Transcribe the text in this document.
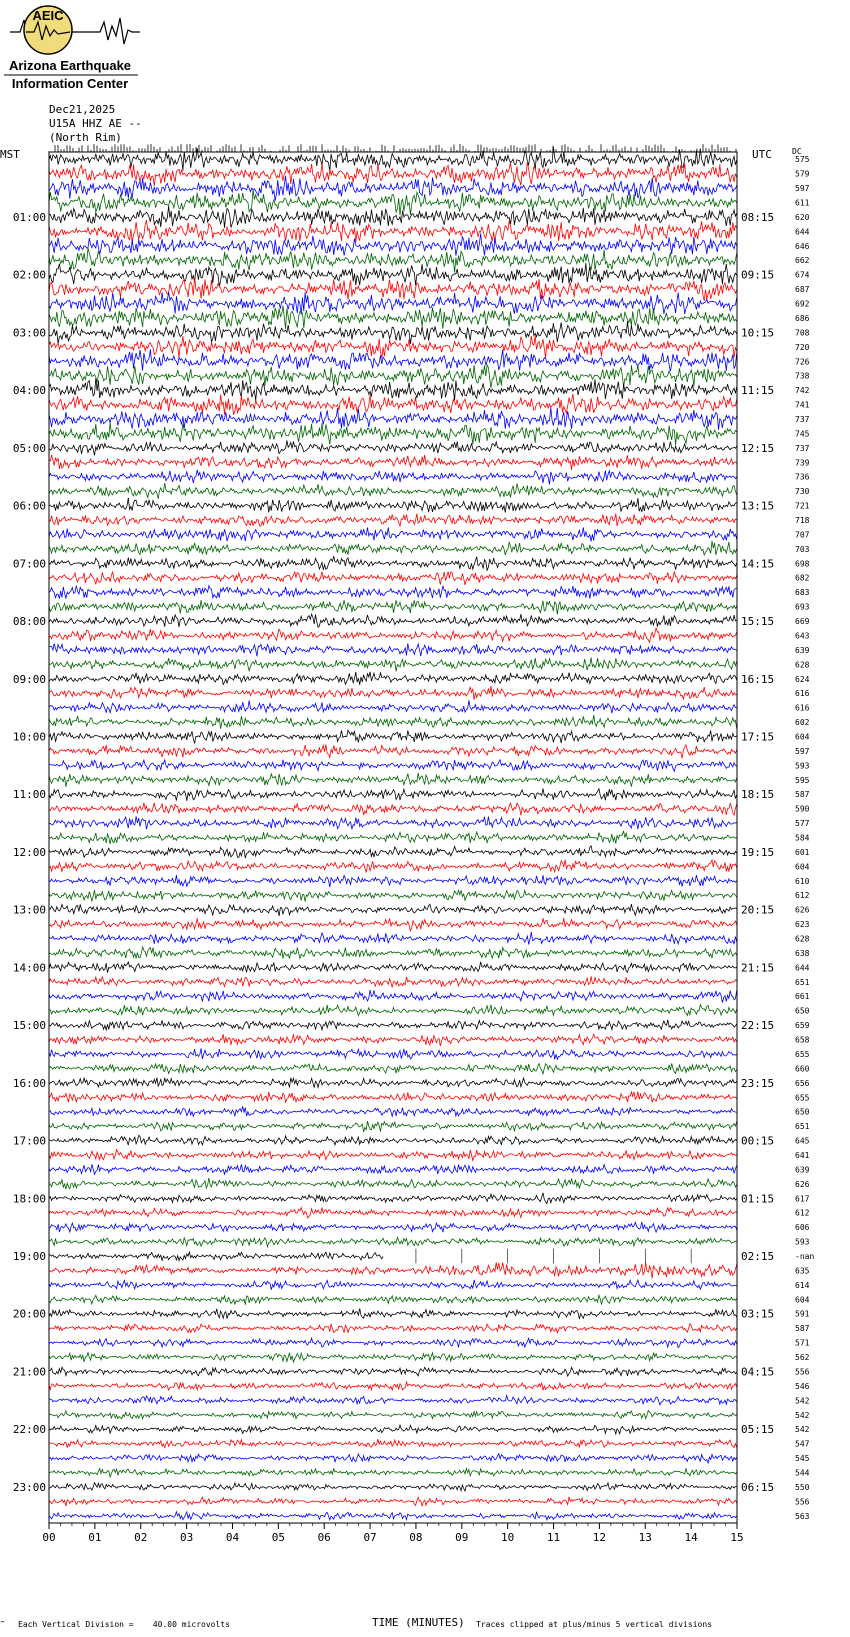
AEIC
Arizona Earthquake
Information Center
Dec21,2025
U15A HHZ AE --
(North Rim)
MST	UTC	DC
01:00
02:00
03:00
04:00
05:00
06:00
07:00
08:00
09:00
10:00
11:00
12:00
13:00
14:00
15:00
16:00
17:00
18:00
19:00
20:00
21:00
22:00
23:00
08:15
09:15
10:15
11:15
12:15
13:15
14:15
15:15
16:15
17:15
18:15
19:15
20:15
21:15
22:15
23:15
00:15
01:15
02:15
03:15
04:15
05:15
06:15
575
579
597
611
620
644
646
662
674
687
692
686
708
720
726
738
742
741
737
745
737
739
736
730
721
718
707
703
698
682
683
693
669
643
639
628
624
616
616
602
604
597
593
595
587
590
577
584
601
604
610
612
626
623
628
638
644
651
661
650
659
658
655
660
656
655
650
651
645
641
639
626
617
612
606
593
-nan
635
614
604
591
587
571
562
556
546
542
542
542
547
545
544
550
556
563
00	01	02	03	04	05	06	07	08	09	10	11	12	13	14	15
‴ Each Vertical Division =    40.00 microvolts	TIME (MINUTES) Traces clipped at plus/minus 5 vertical divisions
